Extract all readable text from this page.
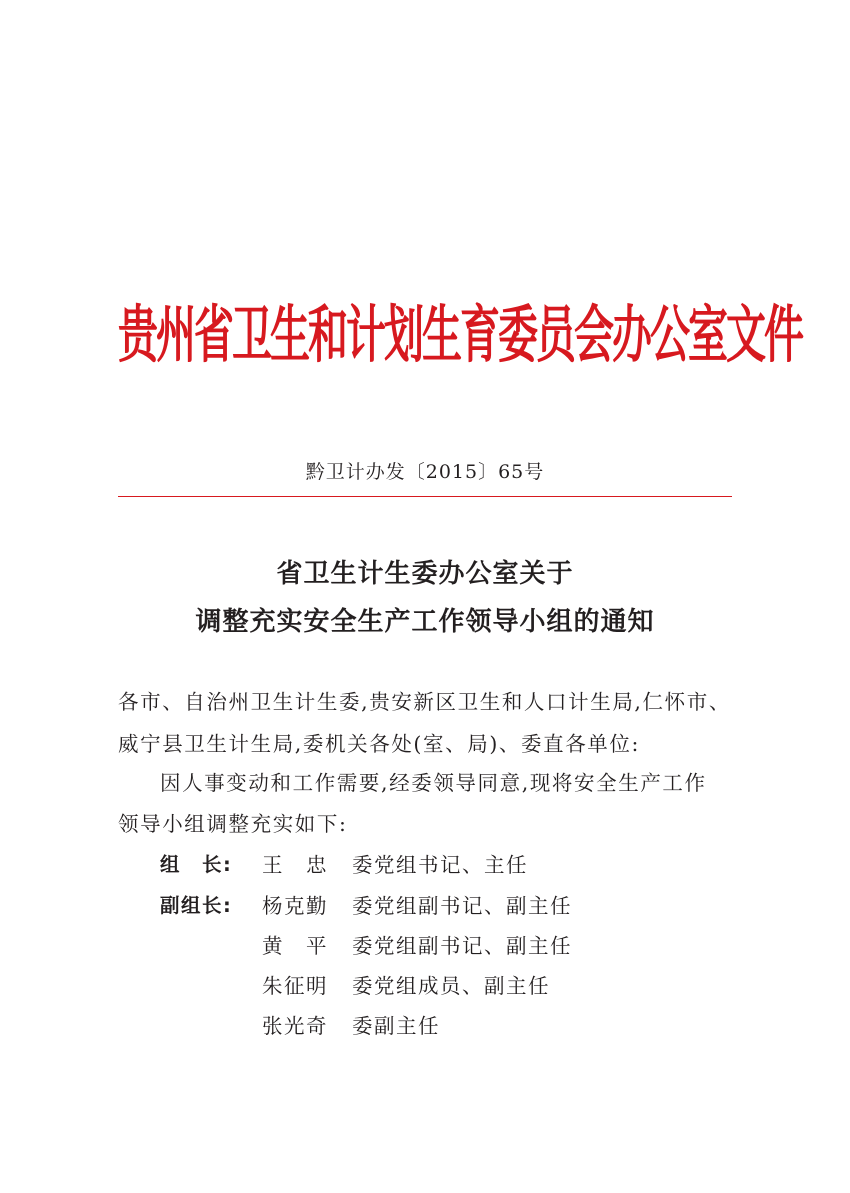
贵州省卫生和计划生育委员会办公室文件
黔卫计办发〔2015〕65号
省卫生计生委办公室关于
调整充实安全生产工作领导小组的通知
各市、自治州卫生计生委,贵安新区卫生和人口计生局,仁怀市、
威宁县卫生计生局,委机关各处(室、局)、委直各单位:
因人事变动和工作需要,经委领导同意,现将安全生产工作
领导小组调整充实如下:
组　长: 王　忠 委党组书记、主任
副组长: 杨克勤 委党组副书记、副主任
黄　平 委党组副书记、副主任
朱征明 委党组成员、副主任
张光奇 委副主任
